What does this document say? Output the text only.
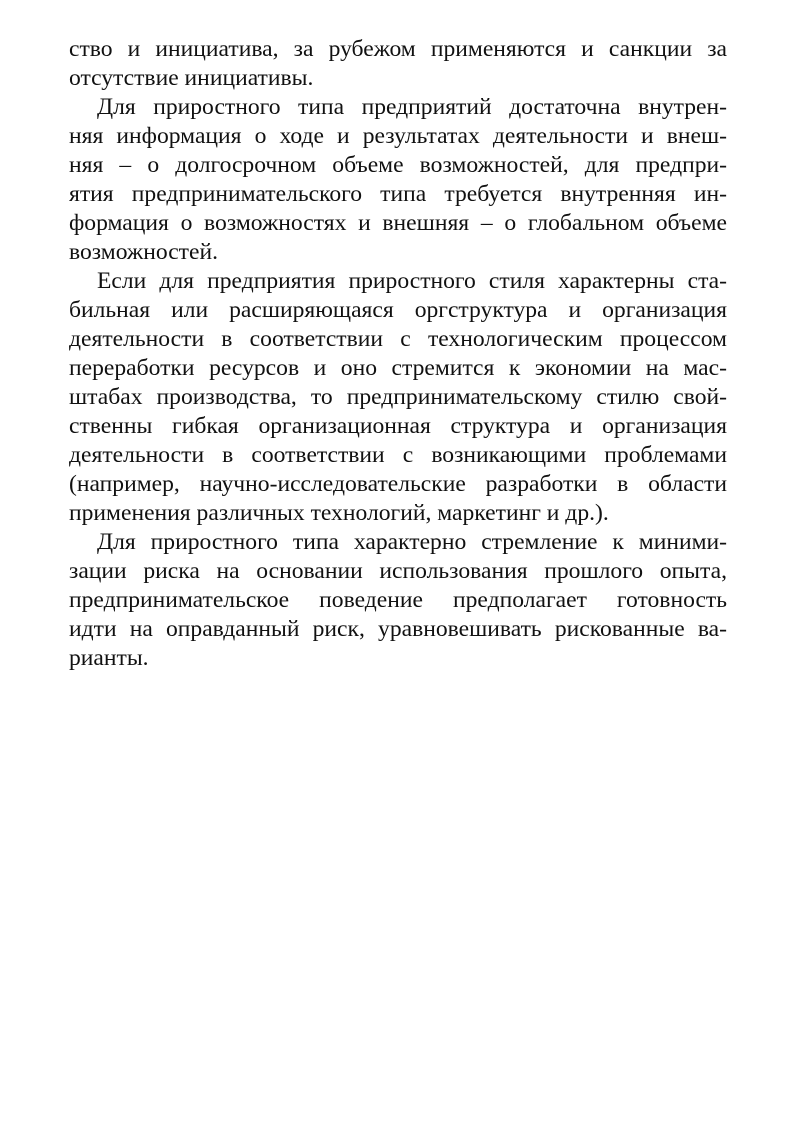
ство и инициатива, за рубежом применяются и санкции за
отсутствие инициативы.
Для приростного типа предприятий достаточна внутрен-
няя информация о ходе и результатах деятельности и внеш-
няя – о долгосрочном объеме возможностей, для предпри-
ятия предпринимательского типа требуется внутренняя ин-
формация о возможностях и внешняя – о глобальном объеме
возможностей.
Если для предприятия приростного стиля характерны ста-
бильная или расширяющаяся оргструктура и организация
деятельности в соответствии с технологическим процессом
переработки ресурсов и оно стремится к экономии на мас-
штабах производства, то предпринимательскому стилю свой-
ственны гибкая организационная структура и организация
деятельности в соответствии с возникающими проблемами
(например, научно-исследовательские разработки в области
применения различных технологий, маркетинг и др.).
Для приростного типа характерно стремление к миними-
зации риска на основании использования прошлого опыта,
предпринимательское поведение предполагает готовность
идти на оправданный риск, уравновешивать рискованные ва-
рианты.
